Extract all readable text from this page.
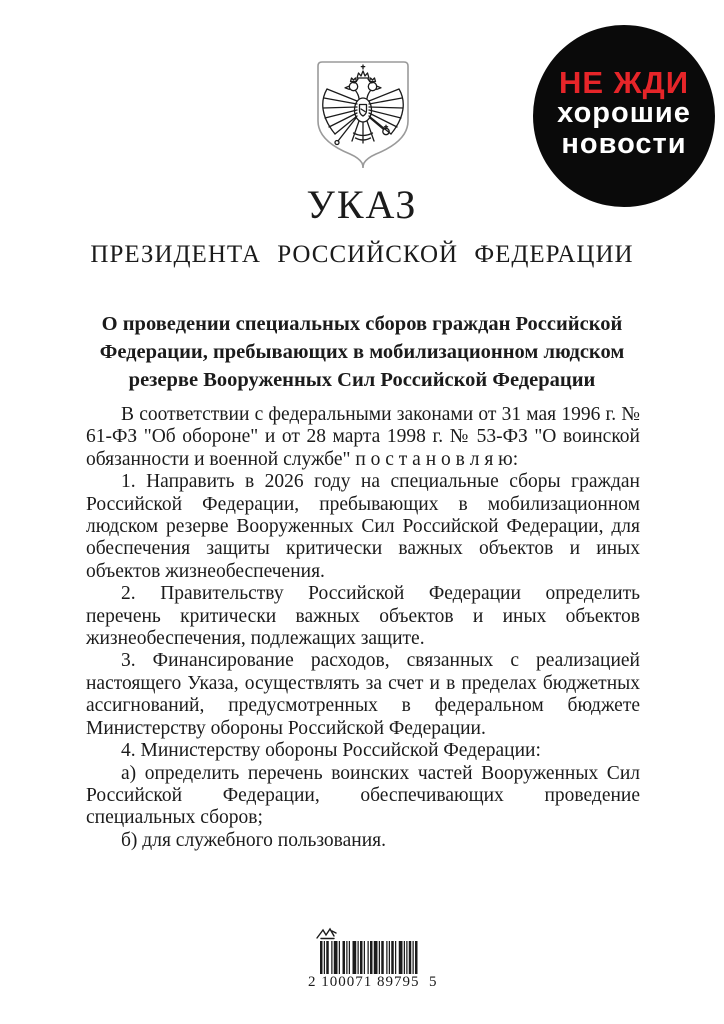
НЕ ЖДИ
хорошие
новости
УКАЗ
ПРЕЗИДЕНТА РОССИЙСКОЙ ФЕДЕРАЦИИ
О проведении специальных сборов граждан Российской
Федерации, пребывающих в мобилизационном людском
резерве Вооруженных Сил Российской Федерации

В соответствии с федеральными законами от 31 мая 1996 г. № 61-ФЗ "Об обороне" и от 28 марта 1998 г. № 53-ФЗ "О воинской обязанности и военной службе" п о с т а н о в л я ю:

1. Направить в 2026 году на специальные сборы граждан Российской Федерации, пребывающих в мобилизационном людском резерве Вооруженных Сил Российской Федерации, для обеспечения защиты критически важных объектов и иных объектов жизнеобеспечения.

2. Правительству Российской Федерации определить перечень критически важных объектов и иных объектов жизнеобеспечения, подлежащих защите.

3. Финансирование расходов, связанных с реализацией настоящего Указа, осуществлять за счет и в пределах бюджетных ассигнований, предусмотренных в федеральном бюджете Министерству обороны Российской Федерации.

4. Министерству обороны Российской Федерации:

а) определить перечень воинских частей Вооруженных Сил Российской Федерации, обеспечивающих проведение специальных сборов;

б) для служебного пользования.

2 100071 89795  5
